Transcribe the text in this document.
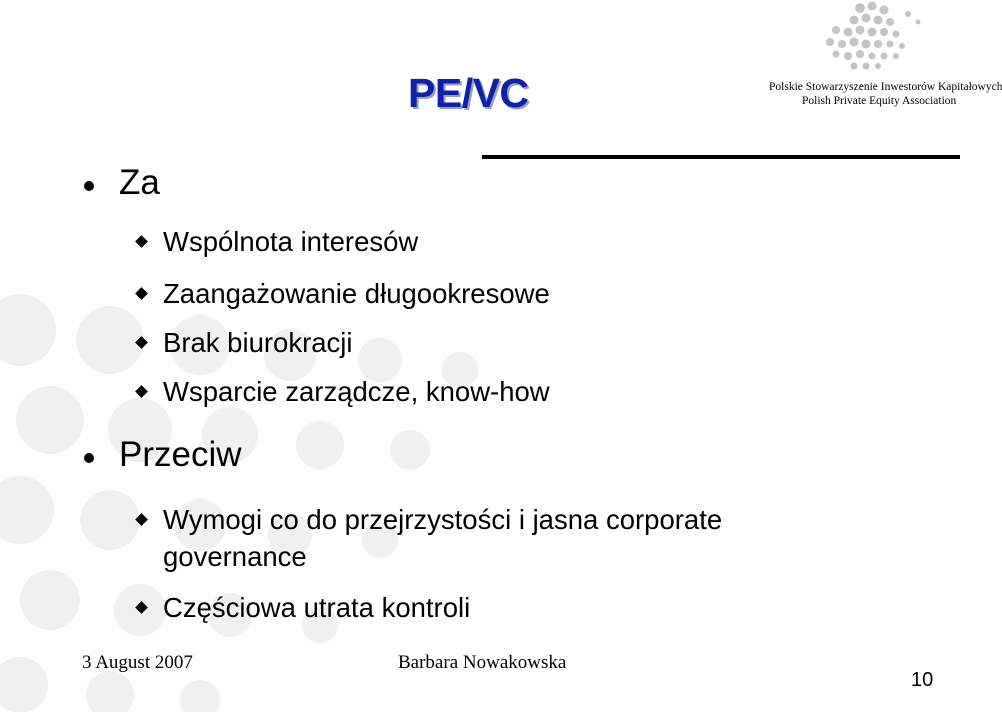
Polskie Stowarzyszenie Inwestorów Kapitałowych
Polish Private Equity Association
PE/VC
Za
Wspólnota interesów
Zaangażowanie długookresowe
Brak biurokracji
Wsparcie zarządcze, know-how
Przeciw
Wymogi co do przejrzystości i jasna corporate
governance
Częściowa utrata kontroli
3 August 2007	Barbara Nowakowska
10
